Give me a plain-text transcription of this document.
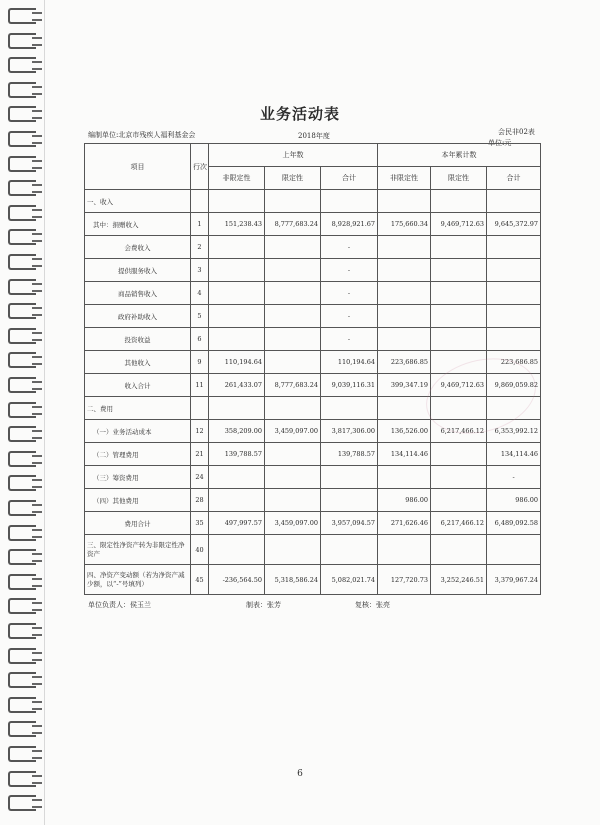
业务活动表
编制单位:北京市残疾人福利基金会	2018年度	会民非02表
单位:元
项目	行次	上年数			本年累计数		
		非限定性	限定性	合计	非限定性	限定性	合计
一、收入							
其中：捐赠收入	1	151,238.43	8,777,683.24	8,928,921.67	175,660.34	9,469,712.63	9,645,372.97
会费收入	2			-			
提供服务收入	3			-			
商品销售收入	4			-			
政府补助收入	5			-			
投资收益	6			-			
其他收入	9	110,194.64		110,194.64	223,686.85		223,686.85
收入合计	11	261,433.07	8,777,683.24	9,039,116.31	399,347.19	9,469,712.63	9,869,059.82
二、费用							
（一）业务活动成本	12	358,209.00	3,459,097.00	3,817,306.00	136,526.00	6,217,466.12	6,353,992.12
（二）管理费用	21	139,788.57		139,788.57	134,114.46		134,114.46
（三）筹资费用	24						-
（四）其他费用	28				986.00		986.00
费用合计	35	497,997.57	3,459,097.00	3,957,094.57	271,626.46	6,217,466.12	6,489,092.58
三、限定性净资产转为非限定性净资产	40						
四、净资产变动额（若为净资产减少额，以“-”号填列）	45	-236,564.50	5,318,586.24	5,082,021.74	127,720.73	3,252,246.51	3,379,967.24
单位负责人：侯玉兰	制表：张芳	复核：张亮
6
